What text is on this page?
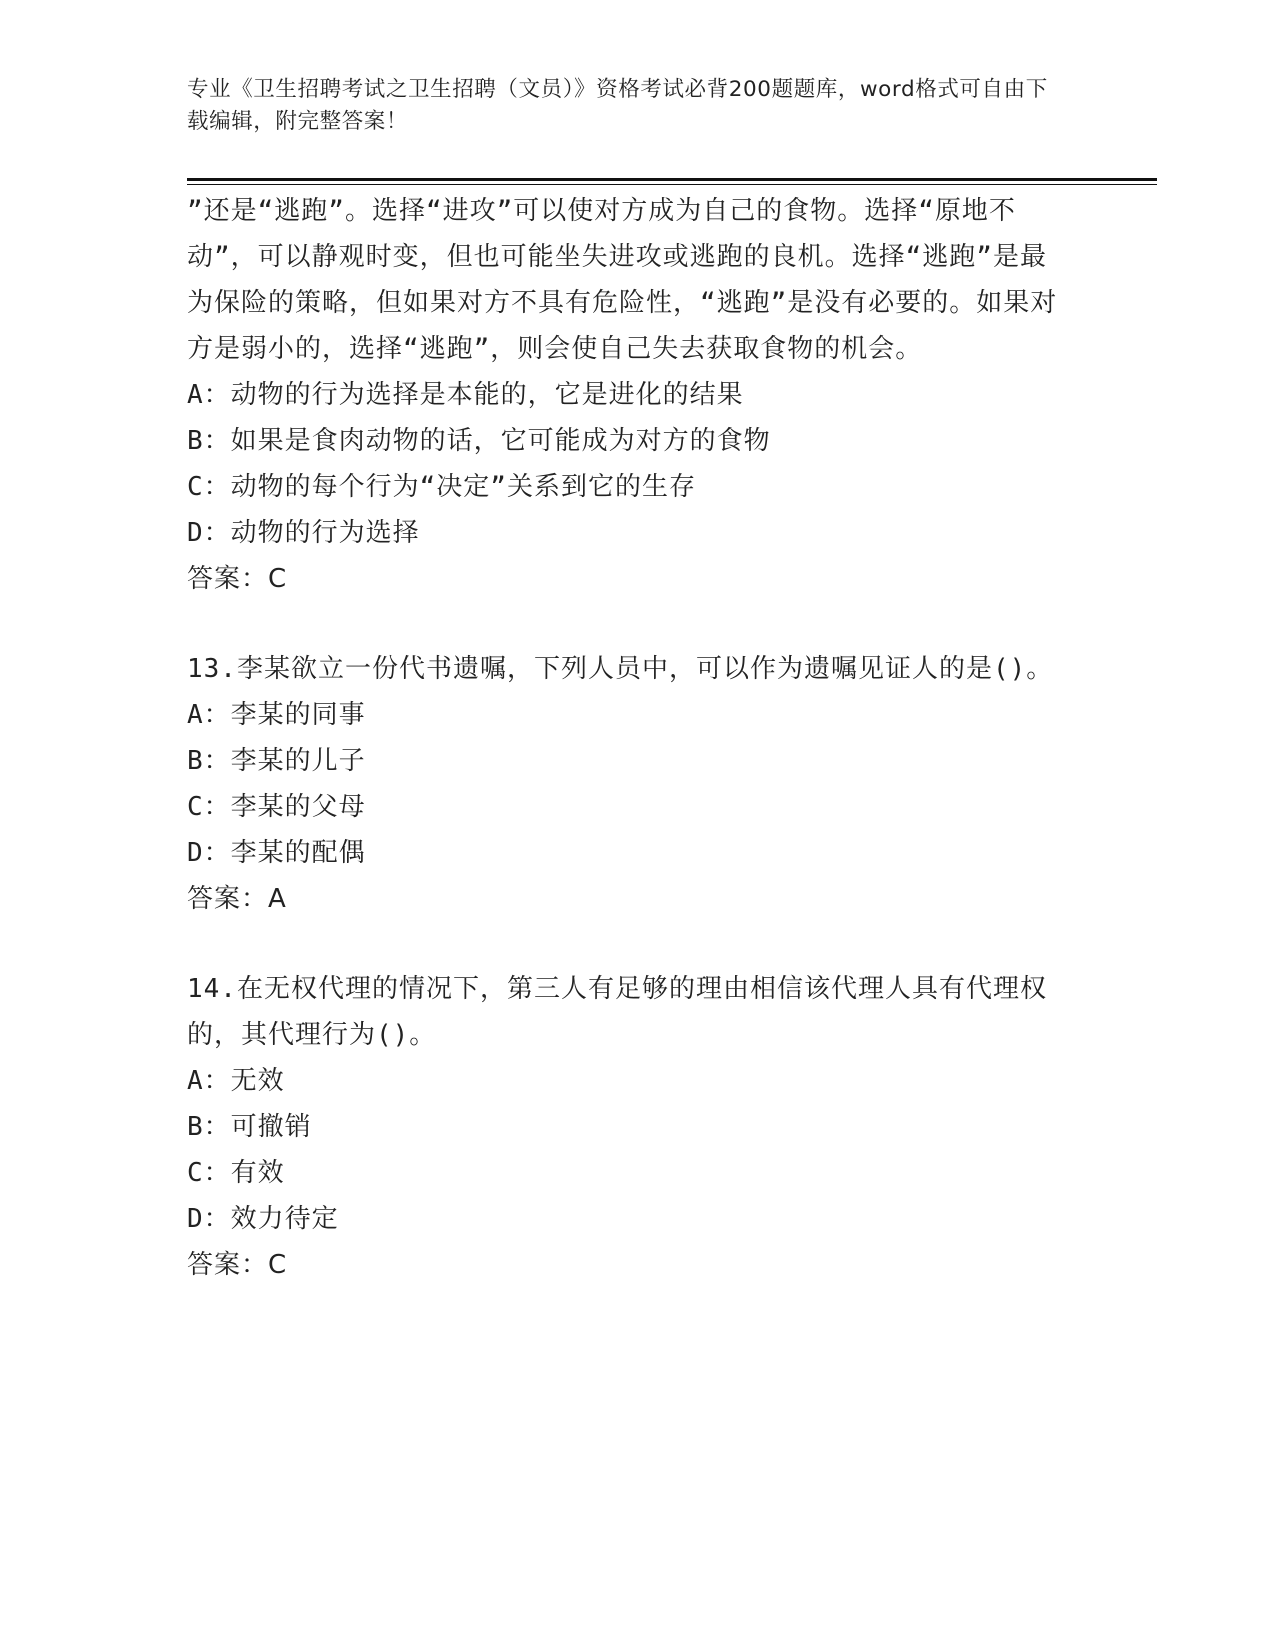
专业《卫生招聘考试之卫生招聘（文员）》资格考试必背200题题库，word格式可自由下载编辑，附完整答案！

”还是“逃跑”。选择“进攻”可以使对方成为自己的食物。选择“原地不动”，可以静观时变，但也可能坐失进攻或逃跑的良机。选择“逃跑”是最为保险的策略，但如果对方不具有危险性，“逃跑”是没有必要的。如果对方是弱小的，选择“逃跑”，则会使自己失去获取食物的机会。

A：动物的行为选择是本能的，它是进化的结果

B：如果是食肉动物的话，它可能成为对方的食物

C：动物的每个行为“决定”关系到它的生存

D：动物的行为选择

答案：C

13.李某欲立一份代书遗嘱，下列人员中，可以作为遗嘱见证人的是()。

A：李某的同事

B：李某的儿子

C：李某的父母

D：李某的配偶

答案：A

14.在无权代理的情况下，第三人有足够的理由相信该代理人具有代理权的，其代理行为()。

A：无效

B：可撤销

C：有效

D：效力待定

答案：C
